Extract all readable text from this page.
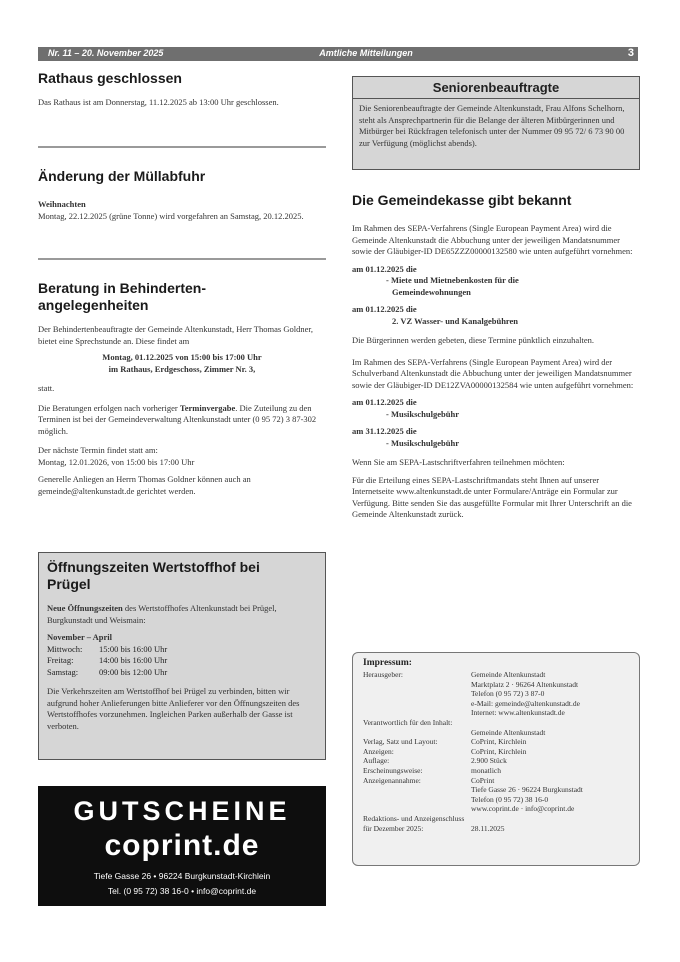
Nr. 11 – 20. November 2025	Amtliche Mitteilungen	3
Rathaus geschlossen

Das Rathaus ist am Donnerstag, 11.12.2025 ab 13:00 Uhr geschlossen.

Änderung der Müllabfuhr

Weihnachten

Montag, 22.12.2025 (grüne Tonne) wird vorgefahren an Samstag, 20.12.2025.

Beratung in Behinderten-
angelegenheiten

Der Behindertenbeauftragte der Gemeinde Altenkunstadt, Herr Thomas Goldner, bietet eine Sprechstunde an. Diese findet am

Montag, 01.12.2025 von 15:00 bis 17:00 Uhr

im Rathaus, Erdgeschoss, Zimmer Nr. 3,

statt.

Die Beratungen erfolgen nach vorheriger Terminvergabe. Die Zuteilung zu den Terminen ist bei der Gemeindeverwaltung Altenkunstadt unter (0 95 72) 3 87-302 möglich.

Der nächste Termin findet statt am:

Montag, 12.01.2026, von 15:00 bis 17:00 Uhr

Generelle Anliegen an Herrn Thomas Goldner können auch an gemeinde@altenkunstadt.de gerichtet werden.

Öffnungszeiten Wertstoffhof bei
Prügel

Neue Öffnungszeiten des Wertstoffhofes Altenkunstadt bei Prügel, Burgkunstadt und Weismain:

November – April

Mittwoch:	15:00 bis 16:00 Uhr
Freitag:	14:00 bis 16:00 Uhr
Samstag:	09:00 bis 12:00 Uhr

Die Verkehrszeiten am Wertstoffhof bei Prügel zu verbinden, bitten wir aufgrund hoher Anlieferungen bitte Anlieferer vor den Öffnungszeiten des Wertstoffhofes vorzunehmen. Ingleichen Parken außerhalb der Gasse ist verboten.

GUTSCHEINE
coprint.de
Tiefe Gasse 26 • 96224 Burgkunstadt-Kirchlein
Tel. (0 95 72) 38 16-0 • info@coprint.de
Seniorenbeauftragte

Die Seniorenbeauftragte der Gemeinde Altenkunstadt, Frau Alfons Schelhorn, steht als Ansprechpartnerin für die Belange der älteren Mitbürgerinnen und Mitbürger bei Rückfragen telefonisch unter der Nummer 09 95 72/ 6 73 90 00 zur Verfügung (möglichst abends).

Die Gemeindekasse gibt bekannt

Im Rahmen des SEPA-Verfahrens (Single European Payment Area) wird die Gemeinde Altenkunstadt die Abbuchung unter der jeweiligen Mandatsnummer sowie der Gläubiger-ID DE65ZZZ00000132580 wie unten aufgeführt vornehmen:

am 01.12.2025 die

- Miete und Mietnebenkosten für die

Gemeindewohnungen

am 01.12.2025 die

2. VZ Wasser- und Kanalgebühren

Die Bürgerinnen werden gebeten, diese Termine pünktlich einzuhalten.

Im Rahmen des SEPA-Verfahrens (Single European Payment Area) wird der Schulverband Altenkunstadt die Abbuchung unter der jeweiligen Mandatsnummer sowie der Gläubiger-ID DE12ZVA00000132584 wie unten aufgeführt vornehmen:

am 01.12.2025 die

- Musikschulgebühr

am 31.12.2025 die

- Musikschulgebühr

Wenn Sie am SEPA-Lastschriftverfahren teilnehmen möchten:

Für die Erteilung eines SEPA-Lastschriftmandats steht Ihnen auf unserer Internetseite www.altenkunstadt.de unter Formulare/Anträge ein Formular zur Verfügung. Bitte senden Sie das ausgefüllte Formular mit Ihrer Unterschrift an die Gemeinde Altenkunstadt zurück.

Impressum:
Herausgeber:	Gemeinde Altenkunstadt
Marktplatz 2 · 96264 Altenkunstadt
Telefon (0 95 72) 3 87-0
e-Mail: gemeinde@altenkunstadt.de
Internet: www.altenkunstadt.de
Verantwortlich für den Inhalt:
Gemeinde Altenkunstadt
Verlag, Satz und Layout:	CoPrint, Kirchlein
Anzeigen:	CoPrint, Kirchlein
Auflage:	2.900 Stück
Erscheinungsweise:	monatlich
Anzeigenannahme:	CoPrint
Tiefe Gasse 26 · 96224 Burgkunstadt
Telefon (0 95 72) 38 16-0
www.coprint.de · info@coprint.de
Redaktions- und Anzeigenschluss
für Dezember 2025:	28.11.2025
